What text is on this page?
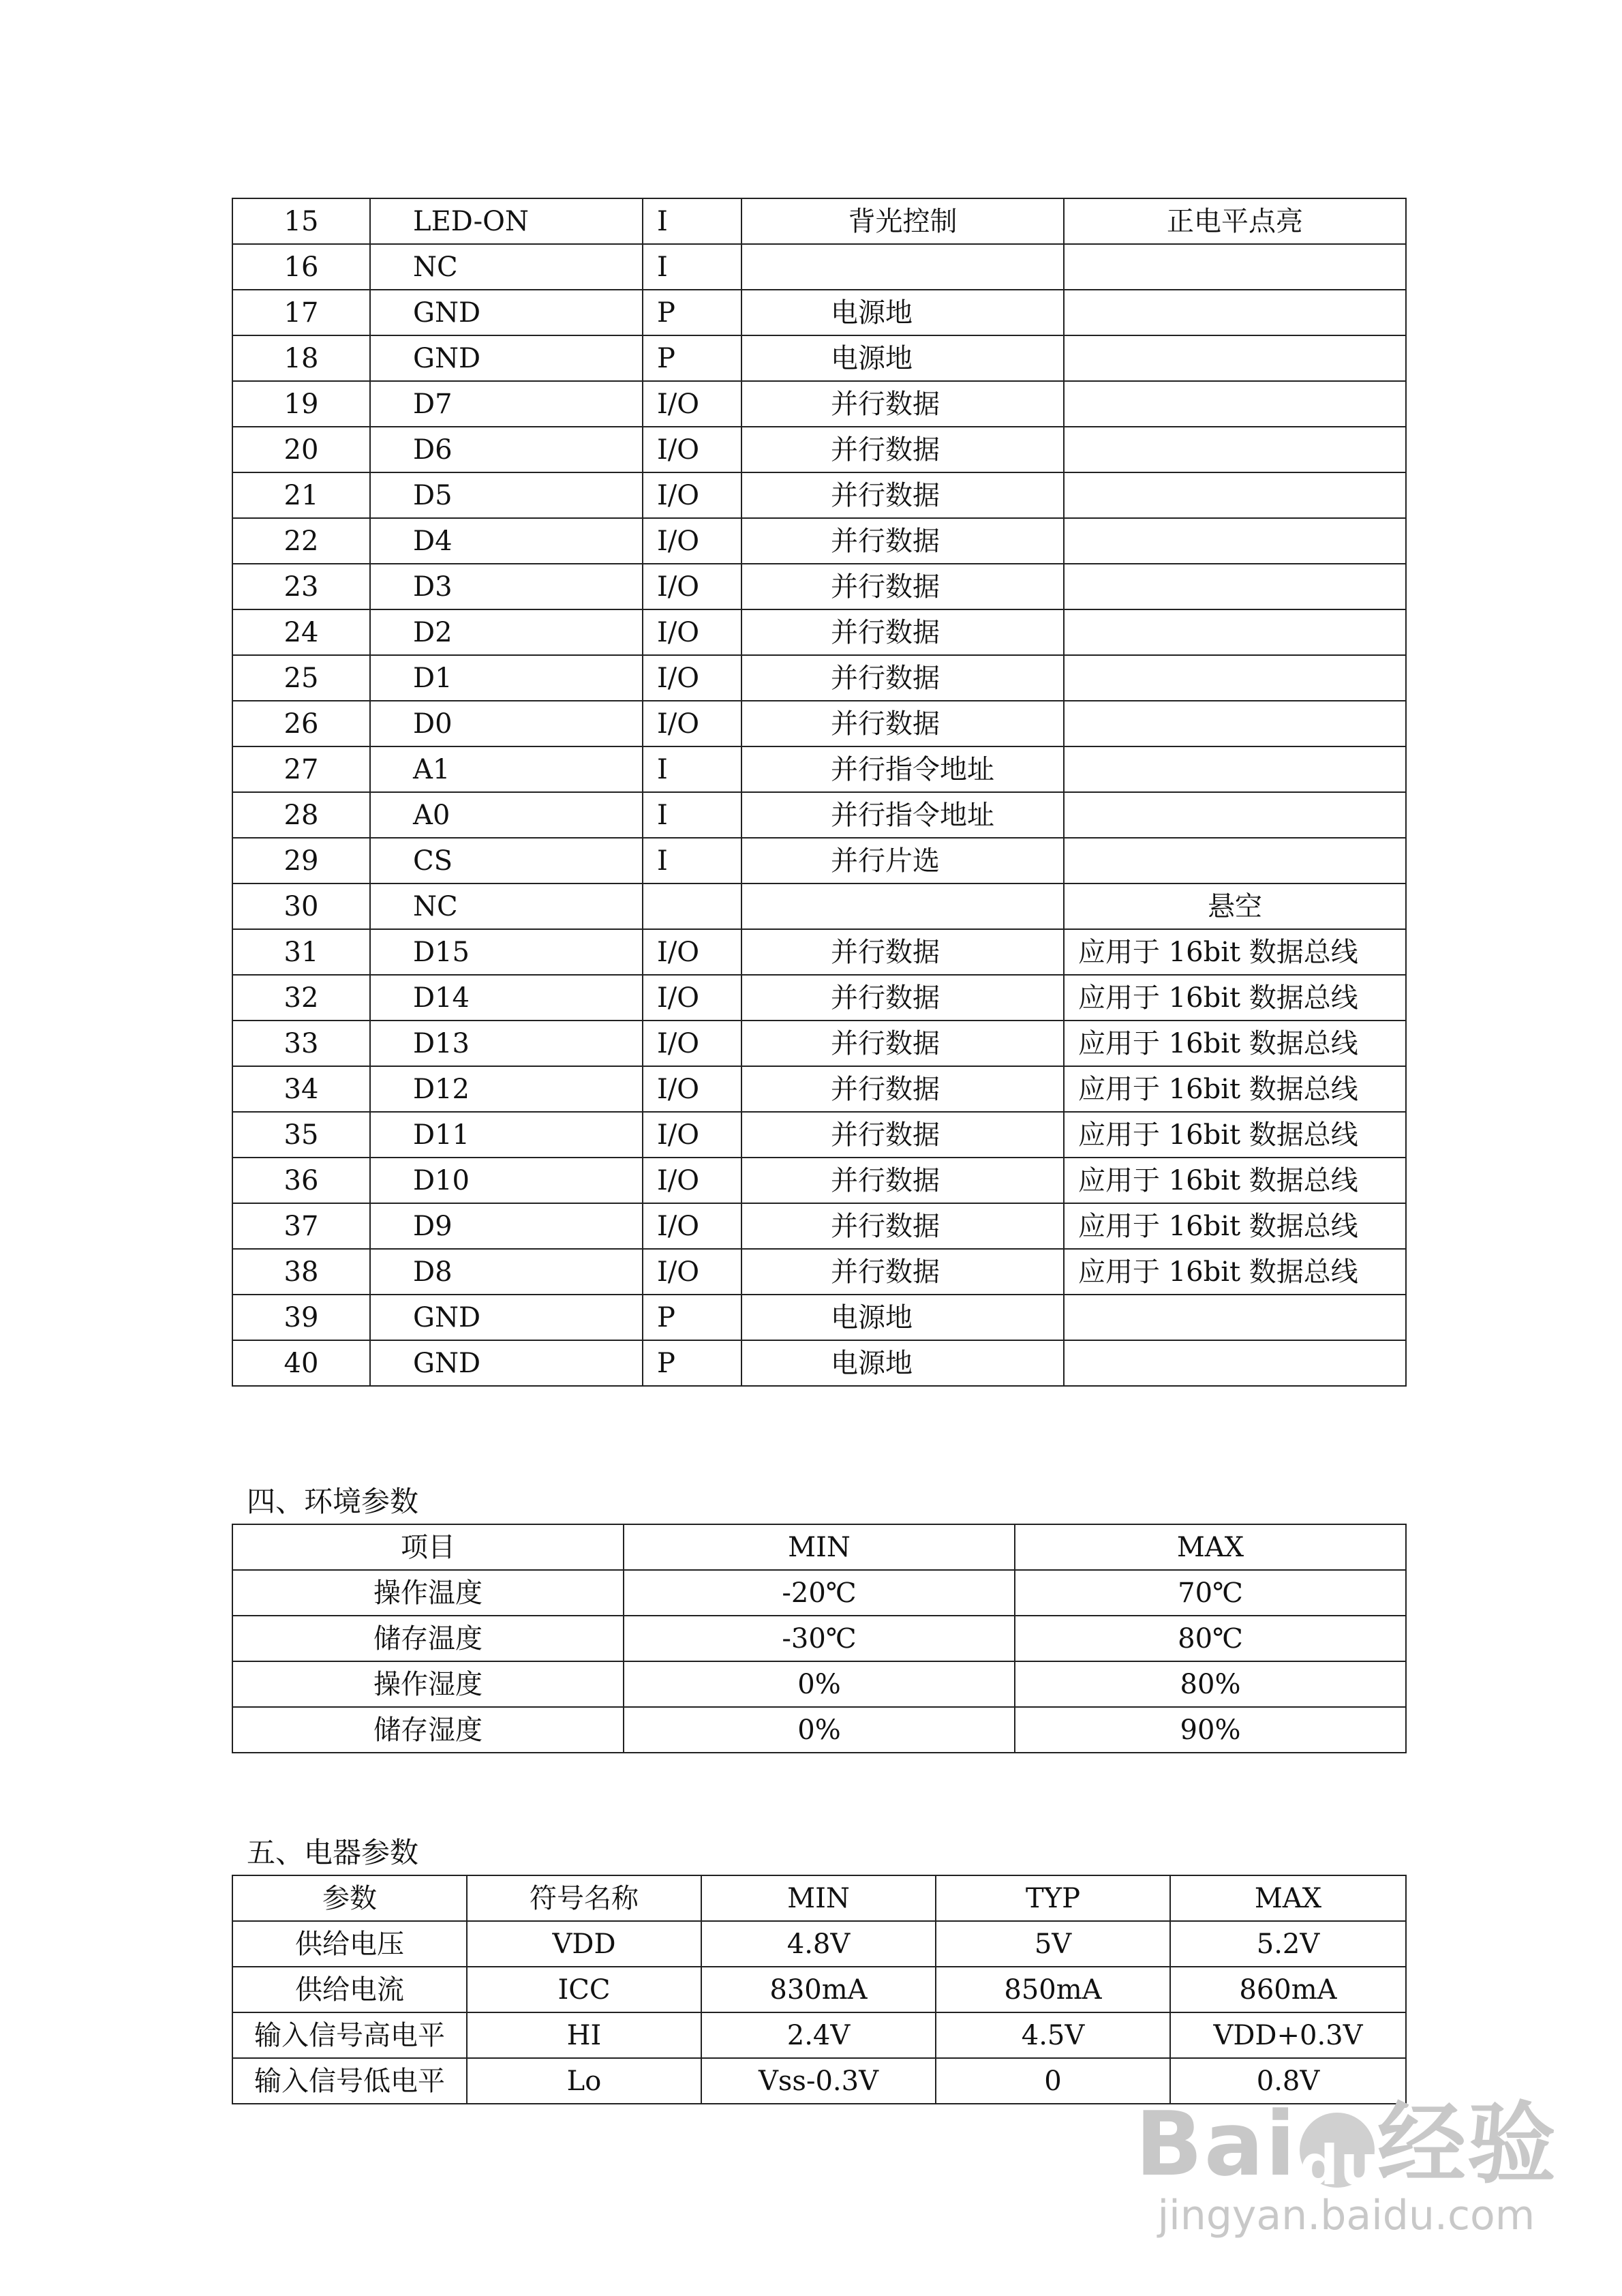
15	LED-ON	I	背光控制	正电平点亮
16	NC	I		
17	GND	P	电源地	
18	GND	P	电源地	
19	D7	I/O	并行数据	
20	D6	I/O	并行数据	
21	D5	I/O	并行数据	
22	D4	I/O	并行数据	
23	D3	I/O	并行数据	
24	D2	I/O	并行数据	
25	D1	I/O	并行数据	
26	D0	I/O	并行数据	
27	A1	I	并行指令地址	
28	A0	I	并行指令地址	
29	CS	I	并行片选	
30	NC			悬空
31	D15	I/O	并行数据	应用于 16bit 数据总线
32	D14	I/O	并行数据	应用于 16bit 数据总线
33	D13	I/O	并行数据	应用于 16bit 数据总线
34	D12	I/O	并行数据	应用于 16bit 数据总线
35	D11	I/O	并行数据	应用于 16bit 数据总线
36	D10	I/O	并行数据	应用于 16bit 数据总线
37	D9	I/O	并行数据	应用于 16bit 数据总线
38	D8	I/O	并行数据	应用于 16bit 数据总线
39	GND	P	电源地	
40	GND	P	电源地	
四、环境参数
项目	MIN	MAX
操作温度	-20℃	70℃
储存温度	-30℃	80℃
操作湿度	0%	80%
储存湿度	0%	90%
五、电器参数
参数	符号名称	MIN	TYP	MAX
供给电压	VDD	4.8V	5V	5.2V
供给电流	ICC	830mA	850mA	860mA
输入信号高电平	HI	2.4V	4.5V	VDD+0.3V
输入信号低电平	Lo	Vss-0.3V	0	0.8V
Bai du 经验
jingyan.baidu.com
